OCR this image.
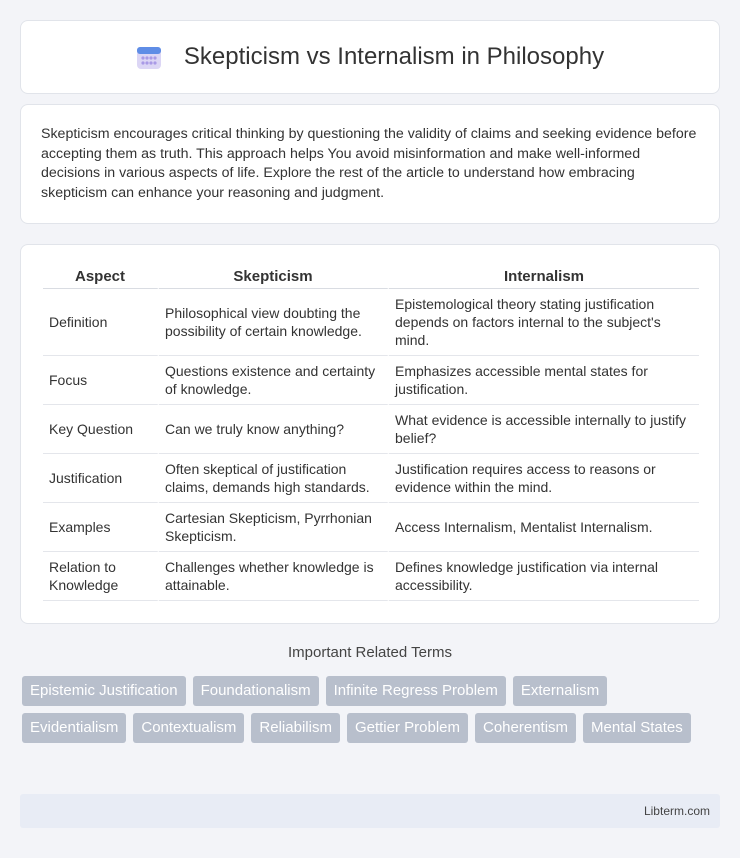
Skepticism vs Internalism in Philosophy

Skepticism encourages critical thinking by questioning the validity of claims and seeking evidence before accepting them as truth. This approach helps You avoid misinformation and make well-informed decisions in various aspects of life. Explore the rest of the article to understand how embracing skepticism can enhance your reasoning and judgment.

Aspect	Skepticism	Internalism
Definition	Philosophical view doubting the possibility of certain knowledge.	Epistemological theory stating justification depends on factors internal to the subject's mind.
Focus	Questions existence and certainty of knowledge.	Emphasizes accessible mental states for justification.
Key Question	Can we truly know anything?	What evidence is accessible internally to justify belief?
Justification	Often skeptical of justification claims, demands high standards.	Justification requires access to reasons or evidence within the mind.
Examples	Cartesian Skepticism, Pyrrhonian Skepticism.	Access Internalism, Mentalist Internalism.
Relation to Knowledge	Challenges whether knowledge is attainable.	Defines knowledge justification via internal accessibility.
Important Related Terms
Epistemic Justification	Foundationalism	Infinite Regress Problem	Externalism
Evidentialism	Contextualism	Reliabilism	Gettier Problem	Coherentism	Mental States
Libterm.com
